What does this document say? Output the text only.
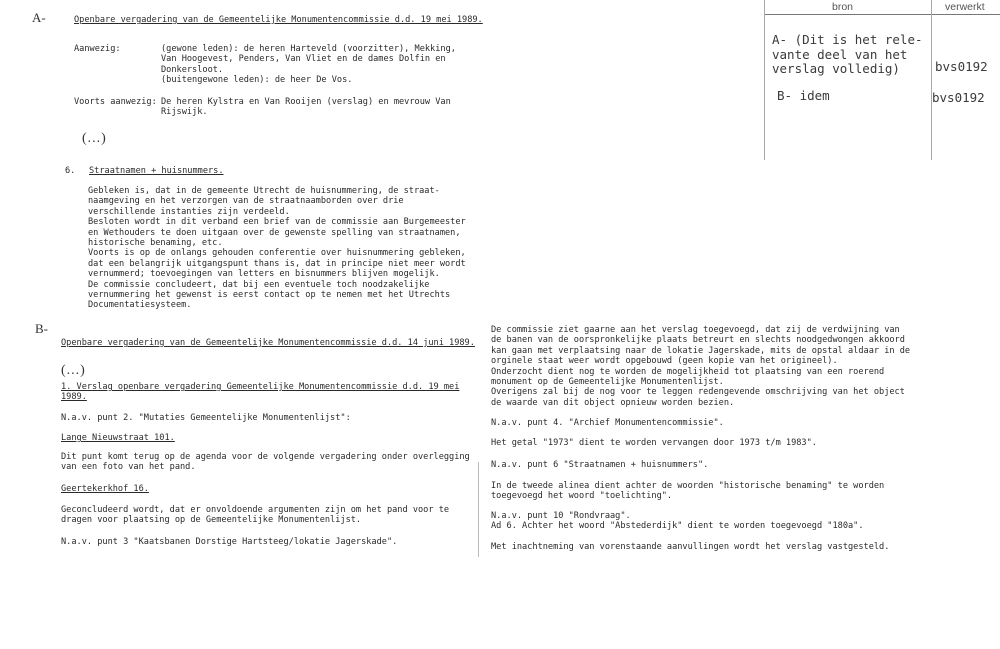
bron	verwerkt
A- (Dit is het rele-
vante deel van het
verslag volledig)	bvs0192
B- idem	bvs0192
A-	Openbare vergadering van de Gemeentelijke Monumentencommissie d.d. 19 mei 1989.
Aanwezig:	(gewone leden): de heren Harteveld (voorzitter), Mekking,
Van Hoogevest, Penders, Van Vliet en de dames Dolfin en
Donkersloot.
(buitengewone leden): de heer De Vos.
Voorts aanwezig: De heren Kylstra en Van Rooijen (verslag) en mevrouw Van
Rijswijk.
(...)
6. Straatnamen + huisnummers.
Gebleken is, dat in de gemeente Utrecht de huisnummering, de straat-
naamgeving en het verzorgen van de straatnaamborden over drie
verschillende instanties zijn verdeeld.
Besloten wordt in dit verband een brief van de commissie aan Burgemeester
en Wethouders te doen uitgaan over de gewenste spelling van straatnamen,
historische benaming, etc.
Voorts is op de onlangs gehouden conferentie over huisnummering gebleken,
dat een belangrijk uitgangspunt thans is, dat in principe niet meer wordt
vernummerd; toevoegingen van letters en bisnummers blijven mogelijk.
De commissie concludeert, dat bij een eventuele toch noodzakelijke
vernummering het gewenst is eerst contact op te nemen met het Utrechts
Documentatiesysteem.
B-
Openbare vergadering van de Gemeentelijke Monumentencommissie d.d. 14 juni 1989.
(...)
1. Verslag openbare vergadering Gemeentelijke Monumentencommissie d.d. 19 mei
1989.
N.a.v. punt 2. "Mutaties Gemeentelijke Monumentenlijst":
Lange Nieuwstraat 101.
Dit punt komt terug op de agenda voor de volgende vergadering onder overlegging
van een foto van het pand.
Geertekerkhof 16.
Geconcludeerd wordt, dat er onvoldoende argumenten zijn om het pand voor te
dragen voor plaatsing op de Gemeentelijke Monumentenlijst.
N.a.v. punt 3 "Kaatsbanen Dorstige Hartsteeg/lokatie Jagerskade".
De commissie ziet gaarne aan het verslag toegevoegd, dat zij de verdwijning van
de banen van de oorspronkelijke plaats betreurt en slechts noodgedwongen akkoord
kan gaan met verplaatsing naar de lokatie Jagerskade, mits de opstal aldaar in de
orginele staat weer wordt opgebouwd (geen kopie van het origineel).
Onderzocht dient nog te worden de mogelijkheid tot plaatsing van een roerend
monument op de Gemeentelijke Monumentenlijst.
Overigens zal bij de nog voor te leggen redengevende omschrijving van het object
de waarde van dit object opnieuw worden bezien.
N.a.v. punt 4. "Archief Monumentencommissie".
Het getal "1973" dient te worden vervangen door 1973 t/m 1983".
N.a.v. punt 6 "Straatnamen + huisnummers".
In de tweede alinea dient achter de woorden "historische benaming" te worden
toegevoegd het woord "toelichting".
N.a.v. punt 10 "Rondvraag".
Ad 6. Achter het woord "Abstederdijk" dient te worden toegevoegd "180a".
Met inachtneming van vorenstaande aanvullingen wordt het verslag vastgesteld.
